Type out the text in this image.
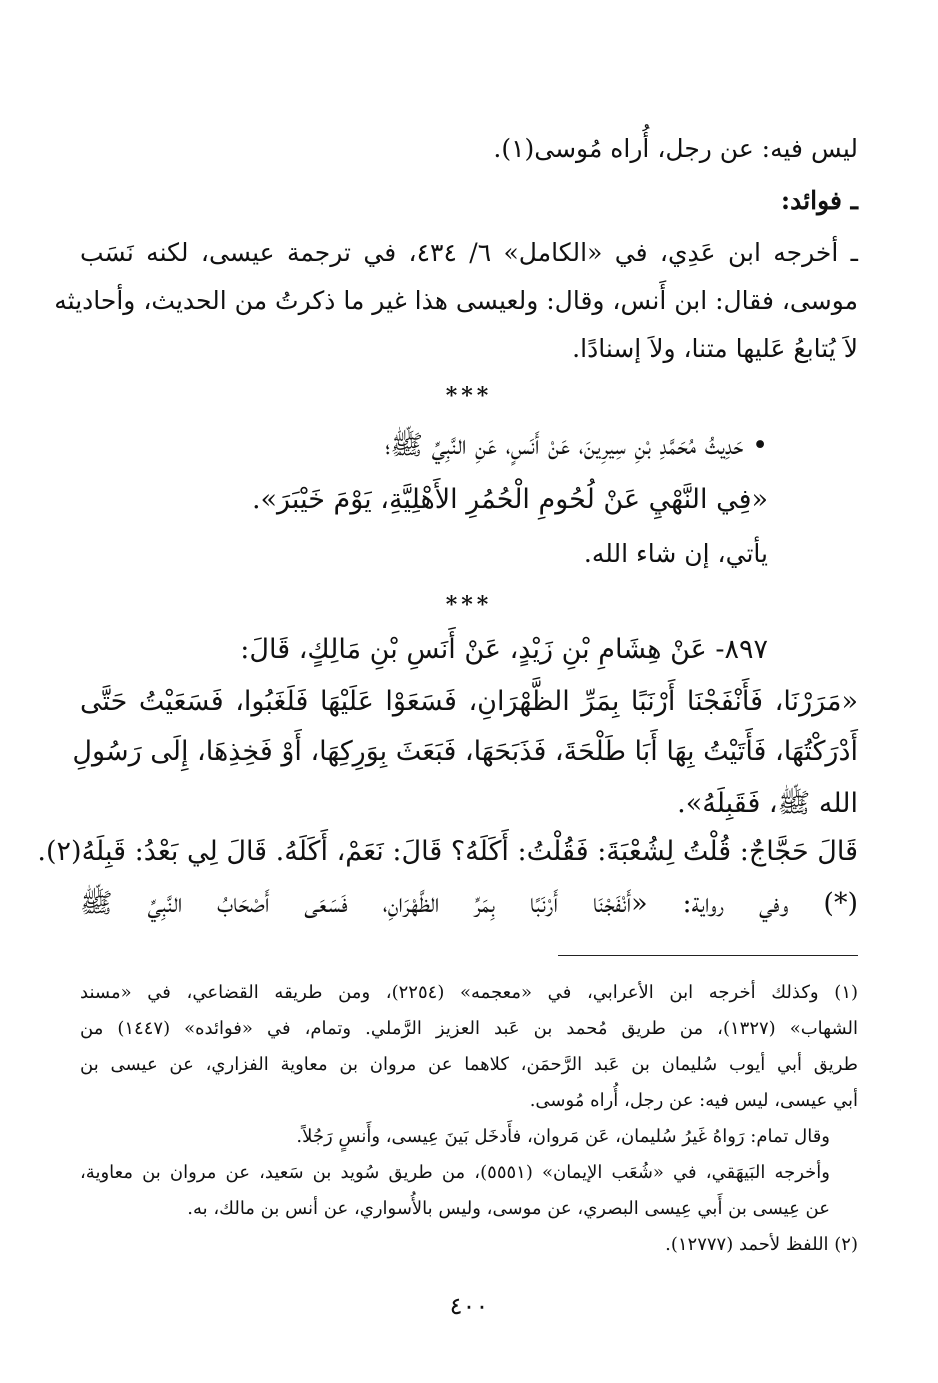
ليس فيه: عن رجل، أُراه مُوسى(١).
ـ فوائد:
ـ أخرجه ابن عَدِي، في «الكامل» ٦/ ٤٣٤، في ترجمة عيسى، لكنه نَسَب
موسى، فقال: ابن أَنس، وقال: ولعيسى هذا غير ما ذكرتُ من الحديث، وأحاديثه
لاَ يُتابعُ عَليها متنا، ولاَ إسنادًا.
***
• حَدِيثُ مُحَمَّدِ بْنِ سِيرِينَ، عَنْ أَنَسٍ، عَنِ النَّبِيِّ ﷺ؛
«فِي النَّهْيِ عَنْ لُحُومِ الْحُمُرِ الأَهْلِيَّةِ، يَوْمَ خَيْبَرَ».
يأتي، إن شاء الله.
***
٨٩٧- عَنْ هِشَامِ بْنِ زَيْدٍ، عَنْ أَنَسِ بْنِ مَالِكٍ، قَالَ:
«مَرَرْنَا، فَأَنْفَجْنَا أَرْنَبًا بِمَرِّ الظَّهْرَانِ، فَسَعَوْا عَلَيْهَا فَلَغَبُوا، فَسَعَيْتُ حَتَّى
أَدْرَكْتُهَا، فَأَتَيْتُ بِهَا أَبَا طَلْحَةَ، فَذَبَحَهَا، فَبَعَثَ بِوَرِكِهَا، أَوْ فَخِذِهَا، إِلَى رَسُولِ
الله ﷺ، فَقَبِلَهُ».
قَالَ حَجَّاجٌ: قُلْتُ لِشُعْبَةَ: فَقُلْتُ: أَكَلَهُ؟ قَالَ: نَعَمْ، أَكَلَهُ. قَالَ لِي بَعْدُ: قَبِلَهُ(٢).
(*) وفي رواية: «أَنْفَجْنَا أَرْنَبًا بِمَرِّ الظَّهْرَانِ، فَسَعَى أَصْحَابُ النَّبِيِّ ﷺ
(١) وكذلك أخرجه ابن الأعرابي، في «معجمه» (٢٢٥٤)، ومن طريقه القضاعي، في «مسند
الشهاب» (١٣٢٧)، من طريق مُحمد بن عَبد العزيز الرَّملي. وتمام، في «فوائده» (١٤٤٧) من
طريق أبي أيوب سُليمان بن عَبد الرَّحمَن، كلاهما عن مروان بن معاوية الفزاري، عن عيسى بن
أبي عيسى، ليس فيه: عن رجل، أُراه مُوسى.
وقال تمام: رَواهُ غَيرُ سُليمان، عَن مَروان، فأَدخَل بَينَ عِيسى، وأَنسٍ رَجُلاً.
وأخرجه البَيهَقي، في «شُعَب الإيمان» (٥٥٥١)، من طريق سُويد بن سَعيد، عن مروان بن معاوية،
عن عِيسى بن أَبي عِيسى البصري، عن موسى، وليس بالأُسواري، عن أنس بن مالك، به.
(٢) اللفظ لأحمد (١٢٧٧٧).
٤٠٠
